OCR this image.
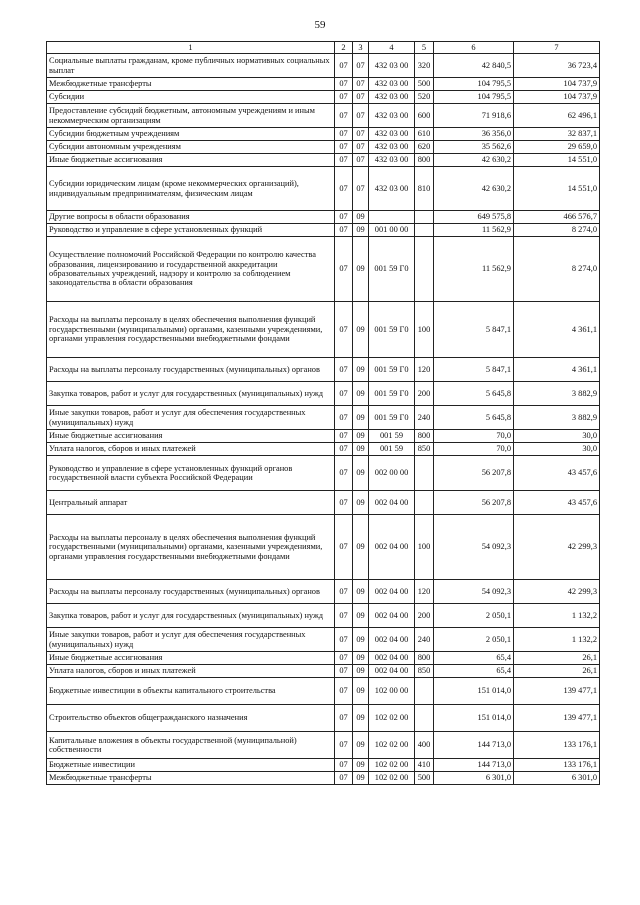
59
1	2	3	4	5	6	7
Социальные выплаты гражданам, кроме публичных нормативных социальных выплат	07	07	432 03 00	320	42 840,5	36 723,4
Межбюджетные трансферты	07	07	432 03 00	500	104 795,5	104 737,9
Субсидии	07	07	432 03 00	520	104 795,5	104 737,9
Предоставление субсидий бюджетным, автономным учреждениям и иным некоммерческим организациям	07	07	432 03 00	600	71 918,6	62 496,1
Субсидии бюджетным учреждениям	07	07	432 03 00	610	36 356,0	32 837,1
Субсидии автономным учреждениям	07	07	432 03 00	620	35 562,6	29 659,0
Иные бюджетные ассигнования	07	07	432 03 00	800	42 630,2	14 551,0
Субсидии юридическим лицам (кроме некоммерческих организаций), индивидуальным предпринимателям, физическим лицам	07	07	432 03 00	810	42 630,2	14 551,0
Другие вопросы в области образования	07	09			649 575,8	466 576,7
Руководство и управление в сфере установленных функций	07	09	001 00 00		11 562,9	8 274,0
Осуществление полномочий Российской Федерации по контролю качества образования, лицензированию и государственной аккредитации образовательных учреждений, надзору и контролю за соблюдением законодательства в области образования	07	09	001 59 Г0		11 562,9	8 274,0
Расходы на выплаты персоналу в целях обеспечения выполнения функций государственными (муниципальными) органами, казенными учреждениями, органами управления государственными внебюджетными фондами	07	09	001 59 Г0	100	5 847,1	4 361,1
Расходы на выплаты персоналу государственных (муниципальных) органов	07	09	001 59 Г0	120	5 847,1	4 361,1
Закупка товаров, работ и услуг для государственных (муниципальных) нужд	07	09	001 59 Г0	200	5 645,8	3 882,9
Иные закупки товаров, работ и услуг для обеспечения государственных (муниципальных) нужд	07	09	001 59 Г0	240	5 645,8	3 882,9
Иные бюджетные ассигнования	07	09	001 59	800	70,0	30,0
Уплата налогов, сборов и иных платежей	07	09	001 59	850	70,0	30,0
Руководство и управление в сфере установленных функций органов государственной власти субъекта Российской Федерации	07	09	002 00 00		56 207,8	43 457,6
Центральный аппарат	07	09	002 04 00		56 207,8	43 457,6
Расходы на выплаты персоналу в целях обеспечения выполнения функций государственными (муниципальными) органами, казенными учреждениями, органами управления государственными внебюджетными фондами	07	09	002 04 00	100	54 092,3	42 299,3
Расходы на выплаты персоналу государственных (муниципальных) органов	07	09	002 04 00	120	54 092,3	42 299,3
Закупка товаров, работ и услуг для государственных (муниципальных) нужд	07	09	002 04 00	200	2 050,1	1 132,2
Иные закупки товаров, работ и услуг для обеспечения государственных (муниципальных) нужд	07	09	002 04 00	240	2 050,1	1 132,2
Иные бюджетные ассигнования	07	09	002 04 00	800	65,4	26,1
Уплата налогов, сборов и иных платежей	07	09	002 04 00	850	65,4	26,1
Бюджетные инвестиции в объекты капитального строительства	07	09	102 00 00		151 014,0	139 477,1
Строительство объектов общегражданского назначения	07	09	102 02 00		151 014,0	139 477,1
Капитальные вложения в объекты государственной (муниципальной) собственности	07	09	102 02 00	400	144 713,0	133 176,1
Бюджетные инвестиции	07	09	102 02 00	410	144 713,0	133 176,1
Межбюджетные трансферты	07	09	102 02 00	500	6 301,0	6 301,0
